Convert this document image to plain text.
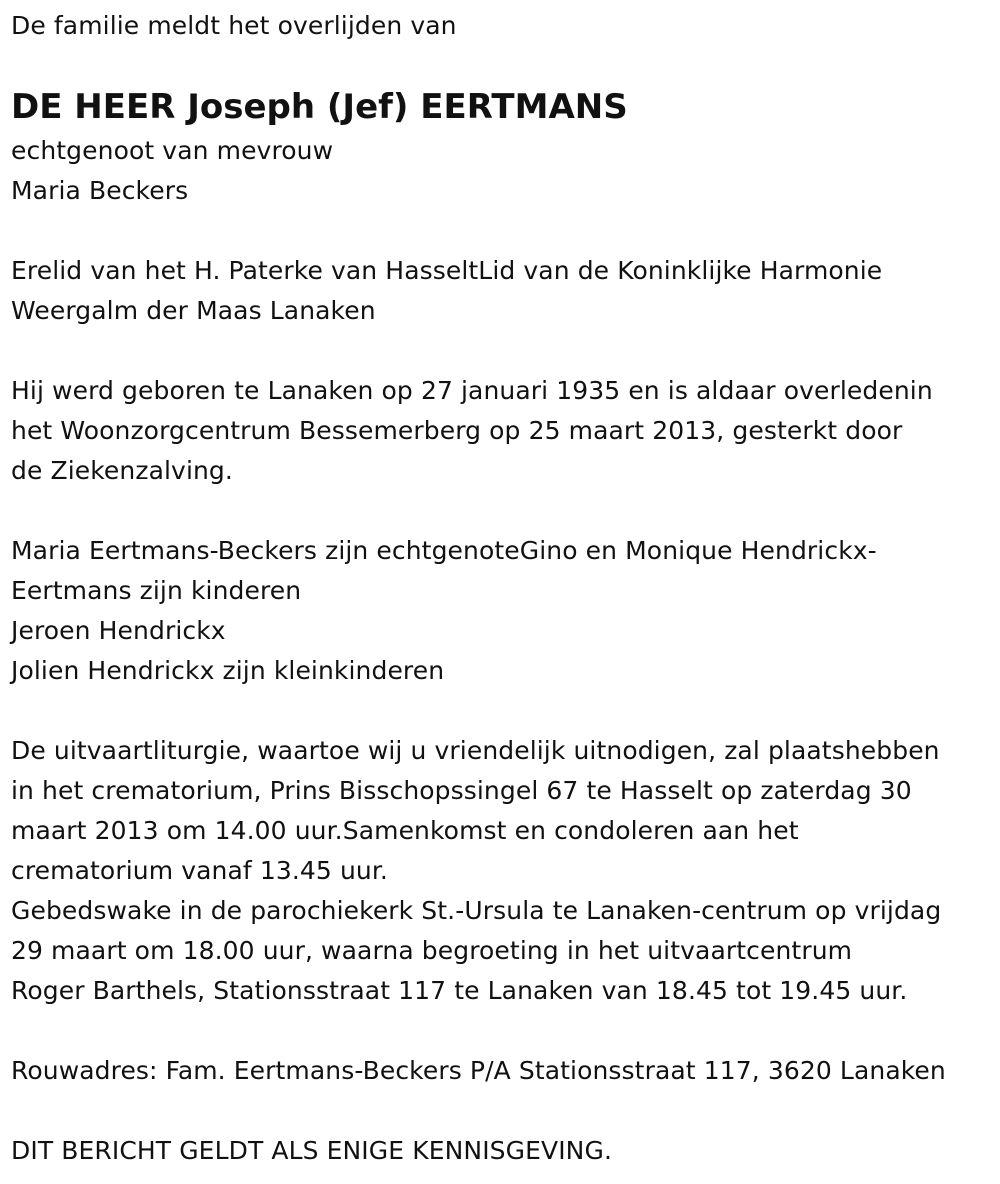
De familie meldt het overlijden van
DE HEER Joseph (Jef) EERTMANS
echtgenoot van mevrouw
Maria Beckers
Erelid van het H. Paterke van HasseltLid van de Koninklijke Harmonie
Weergalm der Maas Lanaken
Hij werd geboren te Lanaken op 27 januari 1935 en is aldaar overledenin
het Woonzorgcentrum Bessemerberg op 25 maart 2013, gesterkt door
de Ziekenzalving.
Maria Eertmans-Beckers zijn echtgenoteGino en Monique Hendrickx-
Eertmans zijn kinderen
Jeroen Hendrickx
Jolien Hendrickx zijn kleinkinderen
De uitvaartliturgie, waartoe wij u vriendelijk uitnodigen, zal plaatshebben
in het crematorium, Prins Bisschopssingel 67 te Hasselt op zaterdag 30
maart 2013 om 14.00 uur.Samenkomst en condoleren aan het
crematorium vanaf 13.45 uur.
Gebedswake in de parochiekerk St.-Ursula te Lanaken-centrum op vrijdag
29 maart om 18.00 uur, waarna begroeting in het uitvaartcentrum
Roger Barthels, Stationsstraat 117 te Lanaken van 18.45 tot 19.45 uur.
Rouwadres: Fam. Eertmans-Beckers P/A Stationsstraat 117, 3620 Lanaken
DIT BERICHT GELDT ALS ENIGE KENNISGEVING.
